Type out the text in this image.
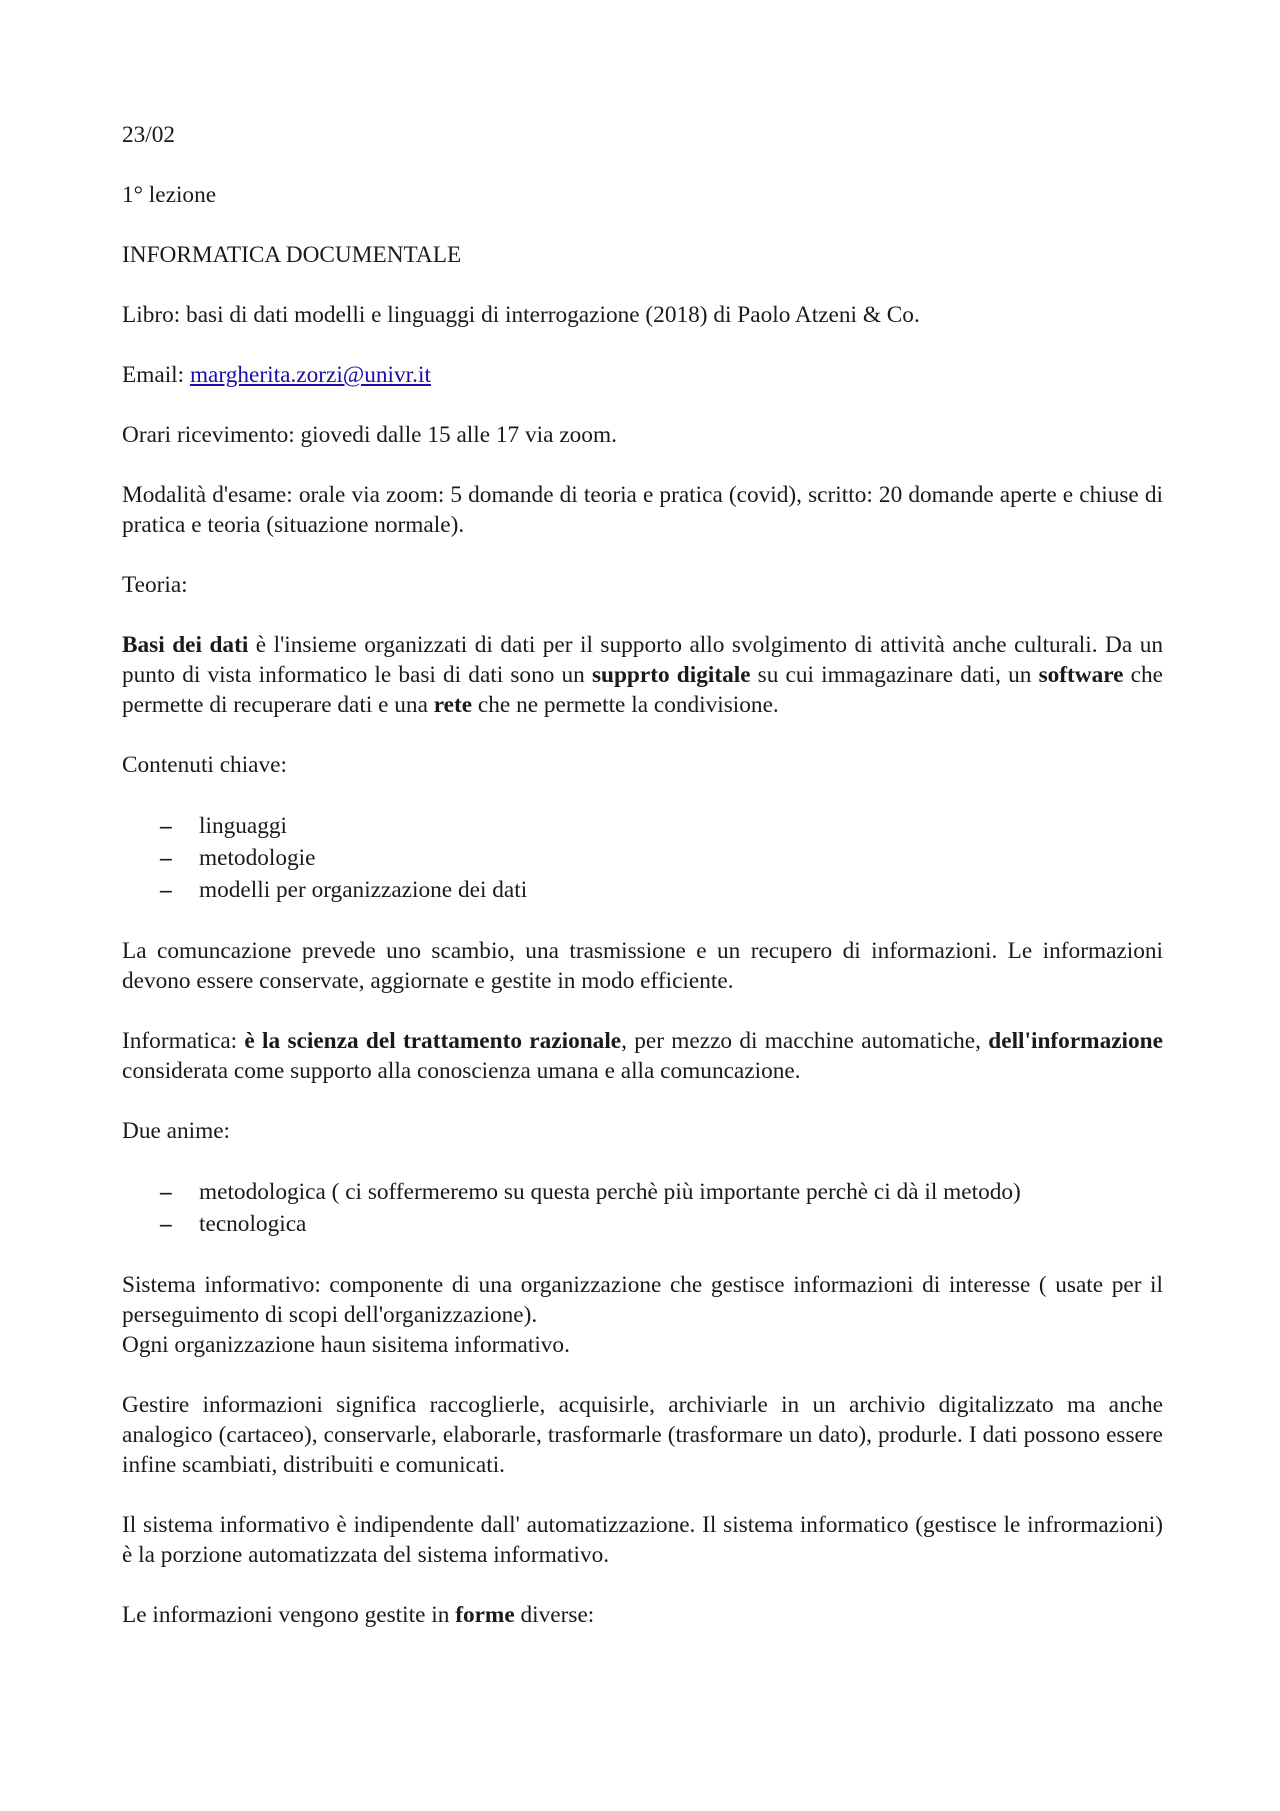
23/02

1° lezione

INFORMATICA DOCUMENTALE

Libro: basi di dati modelli e linguaggi di interrogazione (2018) di Paolo Atzeni & Co.

Email: margherita.zorzi@univr.it

Orari ricevimento: giovedi dalle 15 alle 17 via zoom.

Modalità d'esame: orale via zoom: 5 domande di teoria e pratica (covid), scritto: 20 domande aperte e chiuse di pratica e teoria (situazione normale).

Teoria:

Basi dei dati è l'insieme organizzati di dati per il supporto allo svolgimento di attività anche culturali. Da un punto di vista informatico le basi di dati sono un supprto digitale su cui immagazinare dati, un software che permette di recuperare dati e una rete che ne permette la condivisione.

Contenuti chiave:

– linguaggi
– metodologie
– modelli per organizzazione dei dati

La comuncazione prevede uno scambio, una trasmissione e un recupero di informazioni. Le informazioni devono essere conservate, aggiornate e gestite in modo efficiente.

Informatica: è la scienza del trattamento razionale, per mezzo di macchine automatiche, dell'informazione considerata come supporto alla conoscienza umana e alla comuncazione.

Due anime:

– metodologica ( ci soffermeremo su questa perchè più importante perchè ci dà il metodo)
– tecnologica

Sistema informativo: componente di una organizzazione che gestisce informazioni di interesse ( usate per il perseguimento di scopi dell'organizzazione).

Ogni organizzazione haun sisitema informativo.

Gestire informazioni significa raccoglierle, acquisirle, archiviarle in un archivio digitalizzato ma anche analogico (cartaceo), conservarle, elaborarle, trasformarle (trasformare un dato), produrle. I dati possono essere infine scambiati, distribuiti e comunicati.

Il sistema informativo è indipendente dall' automatizzazione. Il sistema informatico (gestisce le infrormazioni) è la porzione automatizzata del sistema informativo.

Le informazioni vengono gestite in forme diverse:
